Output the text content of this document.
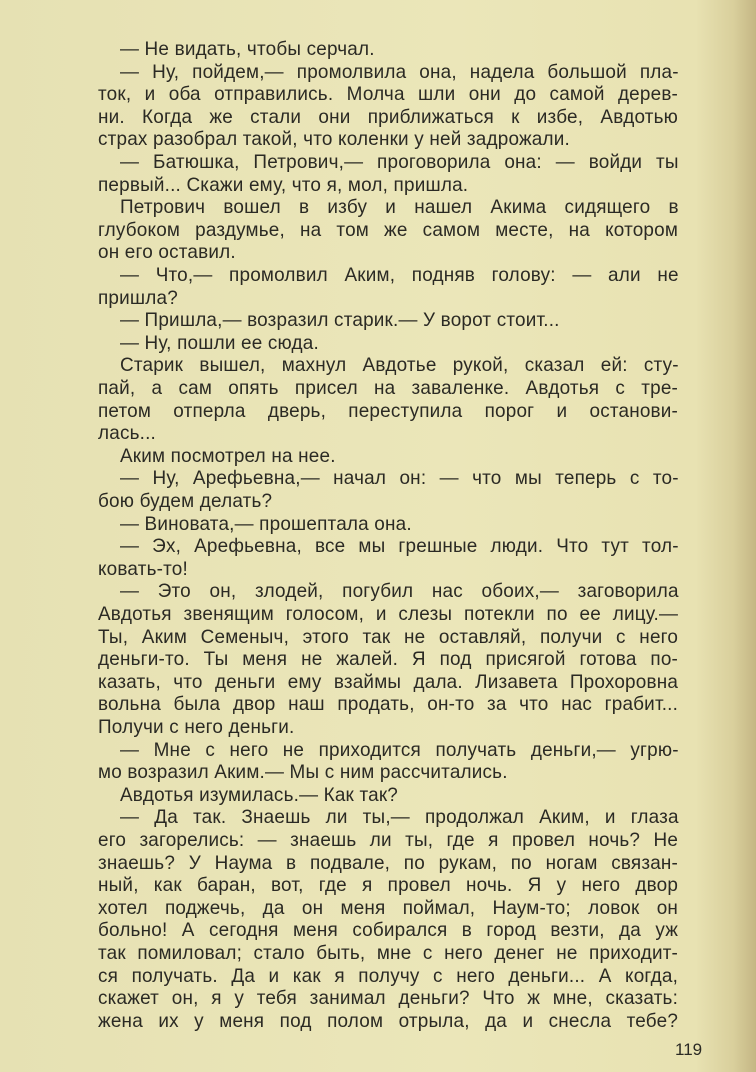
— Не видать, чтобы серчал.
— Ну, пойдем,— промолвила она, надела большой пла-
ток, и оба отправились. Молча шли они до самой дерев-
ни. Когда же стали они приближаться к избе, Авдотью
страх разобрал такой, что коленки у ней задрожали.
— Батюшка, Петрович,— проговорила она: — войди ты
первый... Скажи ему, что я, мол, пришла.
Петрович вошел в избу и нашел Акима сидящего в
глубоком раздумье, на том же самом месте, на котором
он его оставил.
— Что,— промолвил Аким, подняв голову: — али не
пришла?
— Пришла,— возразил старик.— У ворот стоит...
— Ну, пошли ее сюда.
Старик вышел, махнул Авдотье рукой, сказал ей: сту-
пай, а сам опять присел на заваленке. Авдотья с тре-
петом отперла дверь, переступила порог и останови-
лась...
Аким посмотрел на нее.
— Ну, Арефьевна,— начал он: — что мы теперь с то-
бою будем делать?
— Виновата,— прошептала она.
— Эх, Арефьевна, все мы грешные люди. Что тут тол-
ковать-то!
— Это он, злодей, погубил нас обоих,— заговорила
Авдотья звенящим голосом, и слезы потекли по ее лицу.—
Ты, Аким Семеныч, этого так не оставляй, получи с него
деньги-то. Ты меня не жалей. Я под присягой готова по-
казать, что деньги ему взаймы дала. Лизавета Прохоровна
вольна была двор наш продать, он-то за что нас грабит...
Получи с него деньги.
— Мне с него не приходится получать деньги,— угрю-
мо возразил Аким.— Мы с ним рассчитались.
Авдотья изумилась.— Как так?
— Да так. Знаешь ли ты,— продолжал Аким, и глаза
его загорелись: — знаешь ли ты, где я провел ночь? Не
знаешь? У Наума в подвале, по рукам, по ногам связан-
ный, как баран, вот, где я провел ночь. Я у него двор
хотел поджечь, да он меня поймал, Наум-то; ловок он
больно! А сегодня меня собирался в город везти, да уж
так помиловал; стало быть, мне с него денег не приходит-
ся получать. Да и как я получу с него деньги... А когда,
скажет он, я у тебя занимал деньги? Что ж мне, сказать:
жена их у меня под полом отрыла, да и снесла тебе?
119
